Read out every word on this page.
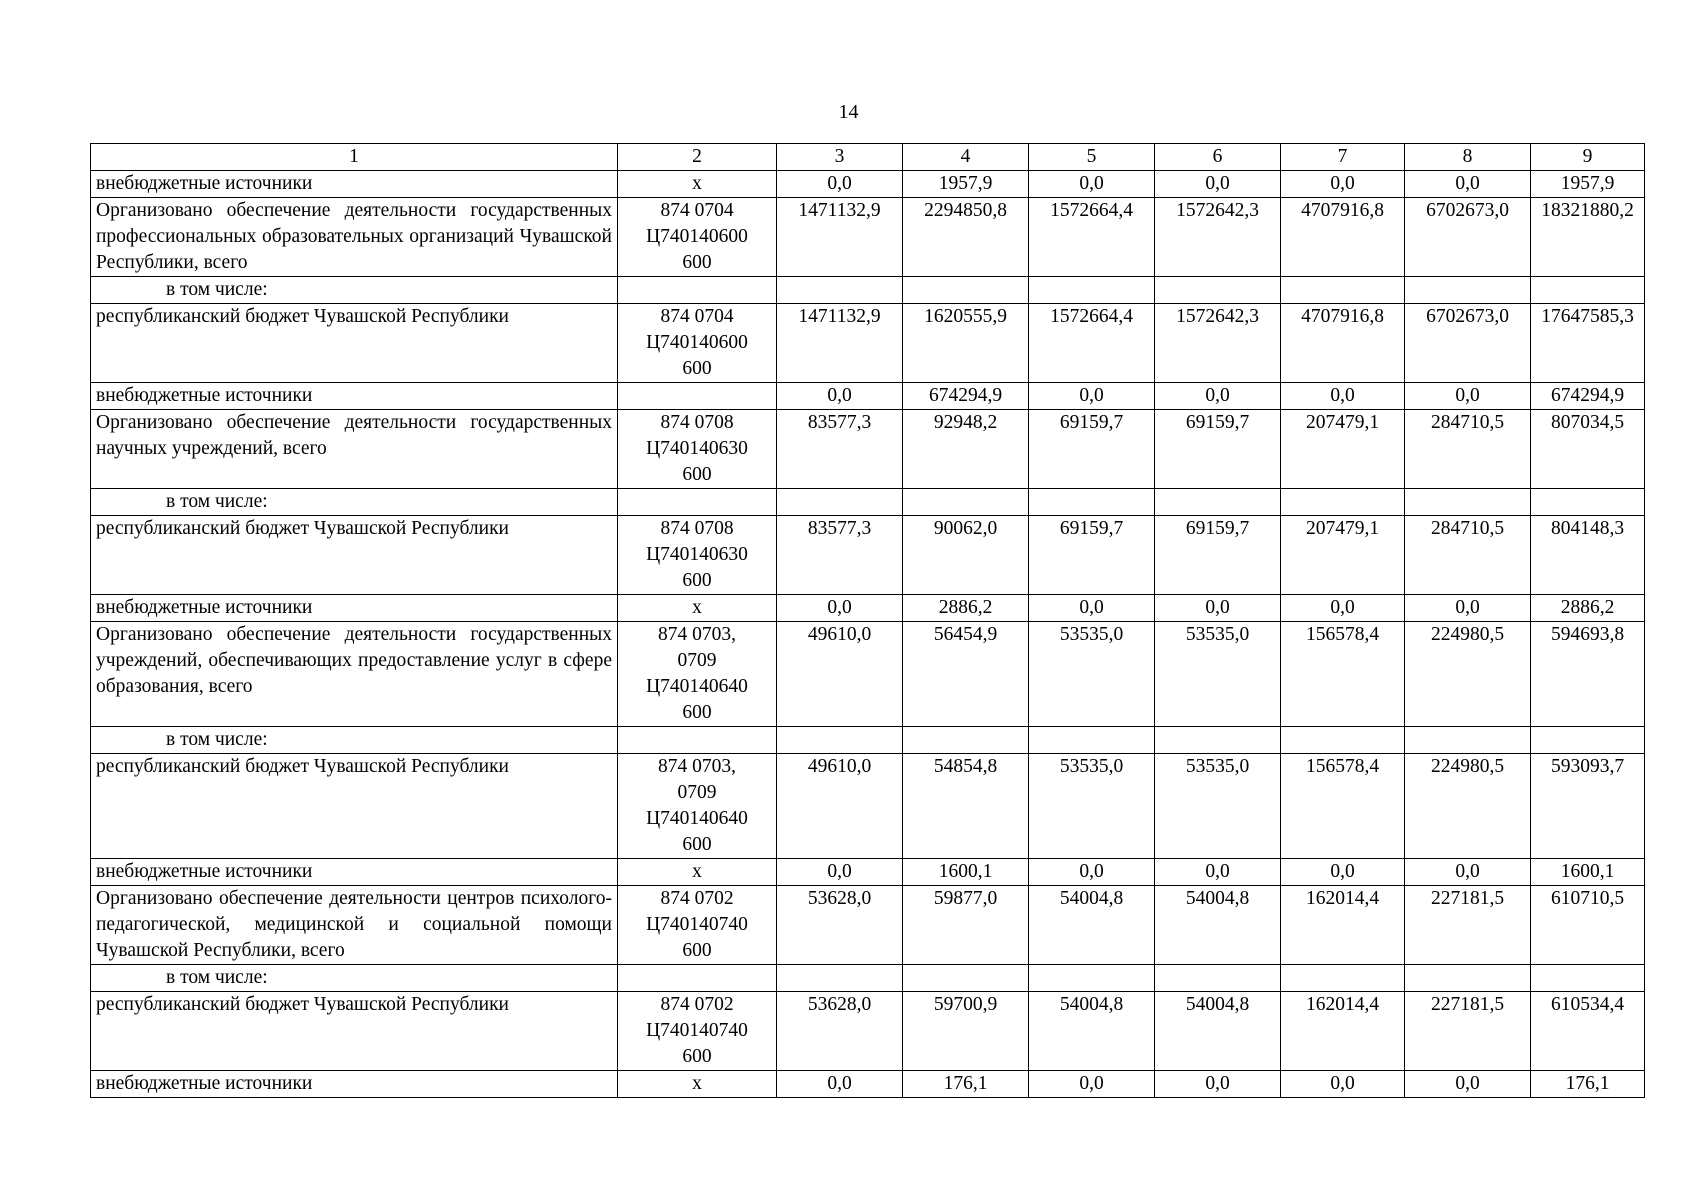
14
1	2	3	4	5	6	7	8	9
внебюджетные источники	x	0,0	1957,9	0,0	0,0	0,0	0,0	1957,9
Организовано обеспечение деятельности государственных профессиональных образовательных организаций Чувашской Республики, всего	874 0704
Ц740140600
600	1471132,9	2294850,8	1572664,4	1572642,3	4707916,8	6702673,0	18321880,2
в том числе:								
республиканский бюджет Чувашской Республики	874 0704
Ц740140600
600	1471132,9	1620555,9	1572664,4	1572642,3	4707916,8	6702673,0	17647585,3
внебюджетные источники		0,0	674294,9	0,0	0,0	0,0	0,0	674294,9
Организовано обеспечение деятельности государственных научных учреждений, всего	874 0708
Ц740140630
600	83577,3	92948,2	69159,7	69159,7	207479,1	284710,5	807034,5
в том числе:								
республиканский бюджет Чувашской Республики	874 0708
Ц740140630
600	83577,3	90062,0	69159,7	69159,7	207479,1	284710,5	804148,3
внебюджетные источники	x	0,0	2886,2	0,0	0,0	0,0	0,0	2886,2
Организовано обеспечение деятельности государственных учреждений, обеспечивающих предоставление услуг в сфере образования, всего	874 0703,
0709
Ц740140640
600	49610,0	56454,9	53535,0	53535,0	156578,4	224980,5	594693,8
в том числе:								
республиканский бюджет Чувашской Республики	874 0703,
0709
Ц740140640
600	49610,0	54854,8	53535,0	53535,0	156578,4	224980,5	593093,7
внебюджетные источники	x	0,0	1600,1	0,0	0,0	0,0	0,0	1600,1
Организовано обеспечение деятельности центров психолого-педагогической, медицинской и социальной помощи Чувашской Республики, всего	874 0702
Ц740140740
600	53628,0	59877,0	54004,8	54004,8	162014,4	227181,5	610710,5
в том числе:								
республиканский бюджет Чувашской Республики	874 0702
Ц740140740
600	53628,0	59700,9	54004,8	54004,8	162014,4	227181,5	610534,4
внебюджетные источники	x	0,0	176,1	0,0	0,0	0,0	0,0	176,1
